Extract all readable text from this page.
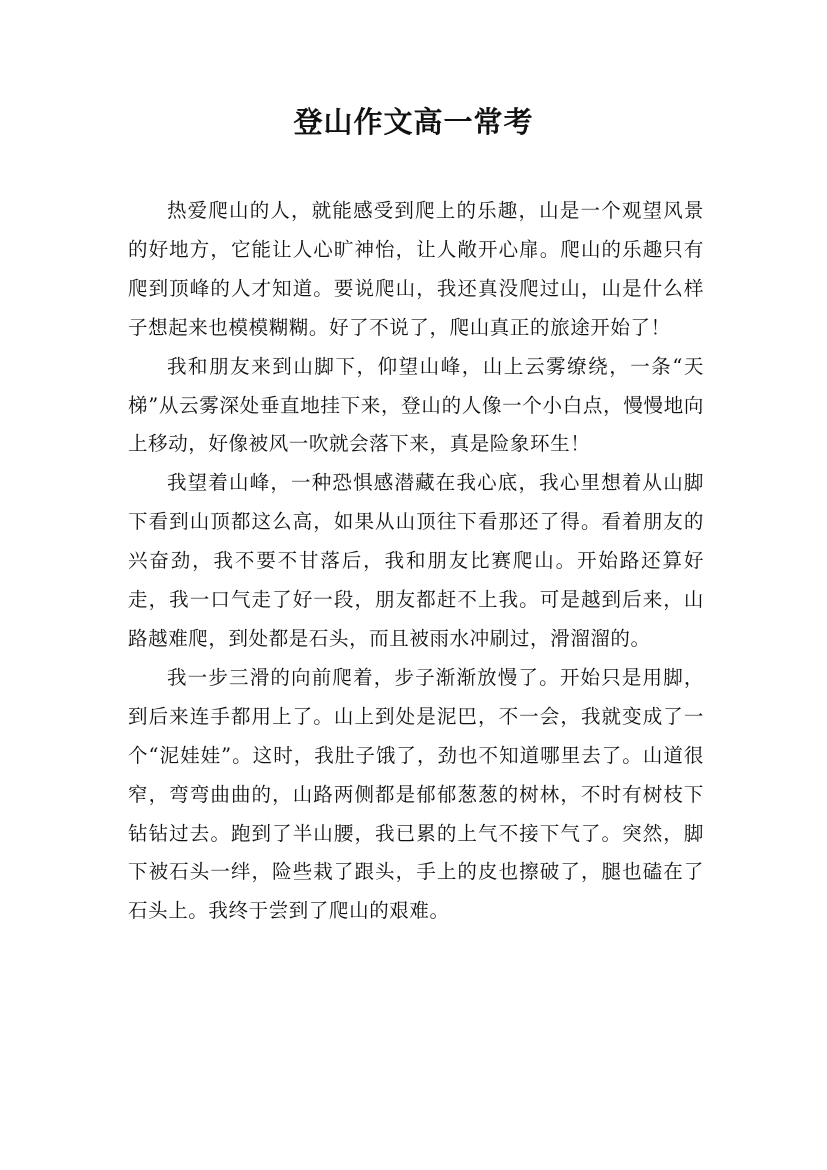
登山作文高一常考

热爱爬山的人，就能感受到爬上的乐趣，山是一个观望风景的好地方，它能让人心旷神怡，让人敞开心扉。爬山的乐趣只有爬到顶峰的人才知道。要说爬山，我还真没爬过山，山是什么样子想起来也模模糊糊。好了不说了，爬山真正的旅途开始了！

我和朋友来到山脚下，仰望山峰，山上云雾缭绕，一条“天梯”从云雾深处垂直地挂下来，登山的人像一个小白点，慢慢地向上移动，好像被风一吹就会落下来，真是险象环生！

我望着山峰，一种恐惧感潜藏在我心底，我心里想着从山脚下看到山顶都这么高，如果从山顶往下看那还了得。看着朋友的兴奋劲，我不要不甘落后，我和朋友比赛爬山。开始路还算好走，我一口气走了好一段，朋友都赶不上我。可是越到后来，山路越难爬，到处都是石头，而且被雨水冲刷过，滑溜溜的。

我一步三滑的向前爬着，步子渐渐放慢了。开始只是用脚，到后来连手都用上了。山上到处是泥巴，不一会，我就变成了一个“泥娃娃”。这时，我肚子饿了，劲也不知道哪里去了。山道很窄，弯弯曲曲的，山路两侧都是郁郁葱葱的树林，不时有树枝下钻钻过去。跑到了半山腰，我已累的上气不接下气了。突然，脚下被石头一绊，险些栽了跟头，手上的皮也擦破了，腿也磕在了石头上。我终于尝到了爬山的艰难。
